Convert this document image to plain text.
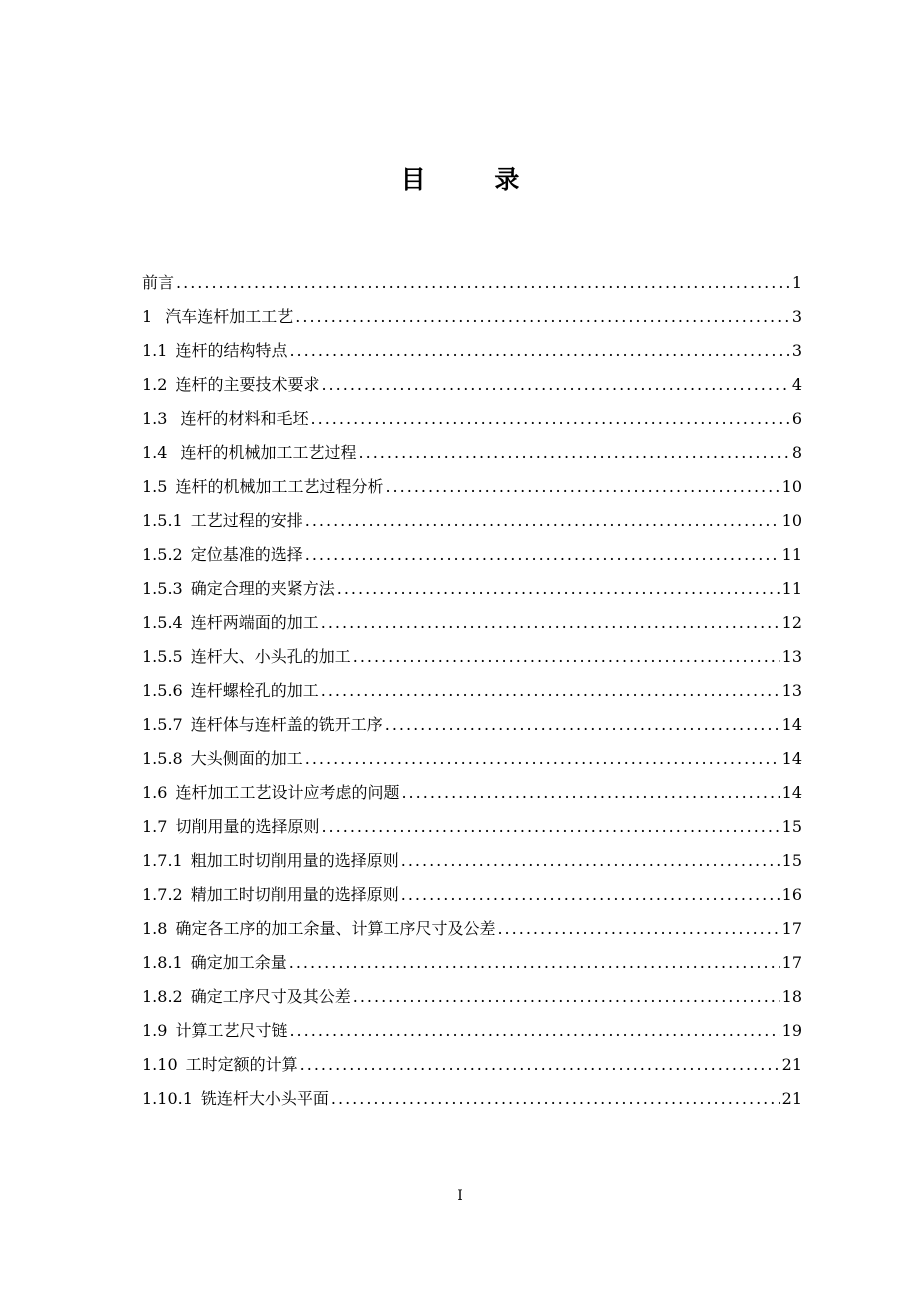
目 录
前言 .....	1
1 汽车连杆加工工艺 .....	3
1.1 连杆的结构特点 .....	3
1.2 连杆的主要技术要求 .....	4
1.3 连杆的材料和毛坯 .....	6
1.4 连杆的机械加工工艺过程 .....	8
1.5 连杆的机械加工工艺过程分析 .....	10
1.5.1 工艺过程的安排 .....	10
1.5.2 定位基准的选择 .....	11
1.5.3 确定合理的夹紧方法 .....	11
1.5.4 连杆两端面的加工 .....	12
1.5.5 连杆大、小头孔的加工 .....	13
1.5.6 连杆螺栓孔的加工 .....	13
1.5.7 连杆体与连杆盖的铣开工序 .....	14
1.5.8 大头侧面的加工 .....	14
1.6 连杆加工工艺设计应考虑的问题 .....	14
1.7 切削用量的选择原则 .....	15
1.7.1 粗加工时切削用量的选择原则 .....	15
1.7.2 精加工时切削用量的选择原则 .....	16
1.8 确定各工序的加工余量、计算工序尺寸及公差 .....	17
1.8.1 确定加工余量 .....	17
1.8.2 确定工序尺寸及其公差 .....	18
1.9 计算工艺尺寸链 .....	19
1.10 工时定额的计算 .....	21
1.10.1 铣连杆大小头平面 .....	21
I
